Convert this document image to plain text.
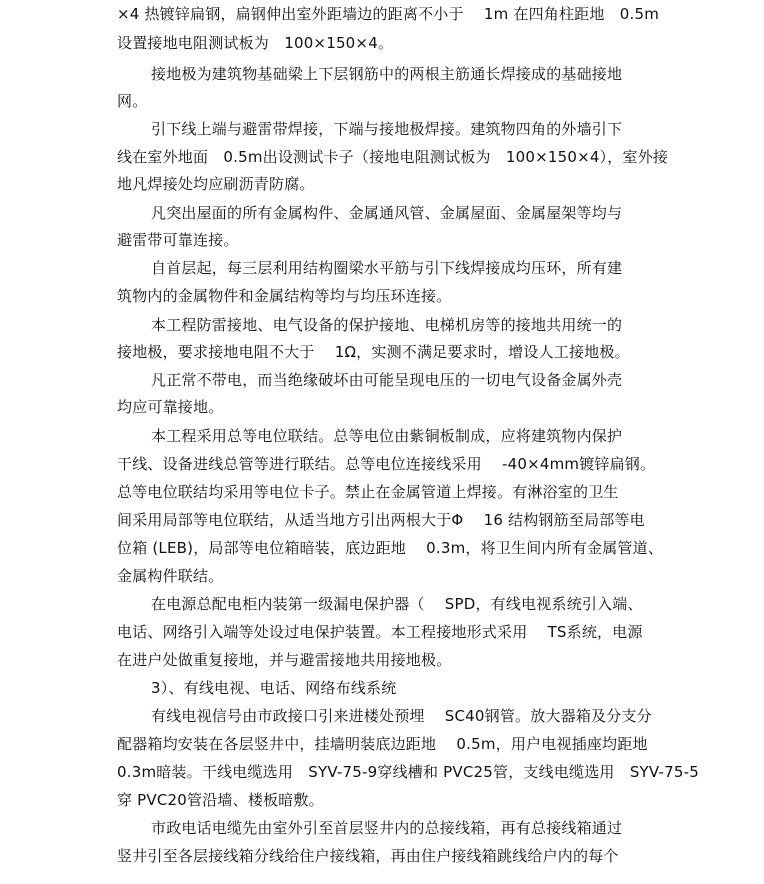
×4 热镀锌扁钢，扁钢伸出室外距墙边的距离不小于　 1m 在四角柱距地　0.5m
设置接地电阻测试板为　100×150×4。
接地极为建筑物基础梁上下层钢筋中的两根主筋通长焊接成的基础接地
网。
引下线上端与避雷带焊接，下端与接地极焊接。建筑物四角的外墙引下
线在室外地面　0.5m出设测试卡子（接地电阻测试板为　100×150×4），室外接
地凡焊接处均应刷沥青防腐。
凡突出屋面的所有金属构件、金属通风管、金属屋面、金属屋架等均与
避雷带可靠连接。
自首层起，每三层利用结构圈梁水平筋与引下线焊接成均压环，所有建
筑物内的金属物件和金属结构等均与均压环连接。
本工程防雷接地、电气设备的保护接地、电梯机房等的接地共用统一的
接地极，要求接地电阻不大于　 1Ω，实测不满足要求时，增设人工接地极。
凡正常不带电，而当绝缘破坏由可能呈现电压的一切电气设备金属外壳
均应可靠接地。
本工程采用总等电位联结。总等电位由紫铜板制成，应将建筑物内保护
干线、设备进线总管等进行联结。总等电位连接线采用　 -40×4mm镀锌扁钢。
总等电位联结均采用等电位卡子。禁止在金属管道上焊接。有淋浴室的卫生
间采用局部等电位联结，从适当地方引出两根大于Φ　 16 结构钢筋至局部等电
位箱 (LEB)，局部等电位箱暗装，底边距地　 0.3m，将卫生间内所有金属管道、
金属构件联结。
在电源总配电柜内装第一级漏电保护器（　 SPD，有线电视系统引入端、
电话、网络引入端等处设过电保护装置。本工程接地形式采用　 TS系统，电源
在进户处做重复接地，并与避雷接地共用接地极。
3）、有线电视、电话、网络布线系统
有线电视信号由市政接口引来进楼处预埋　 SC40钢管。放大器箱及分支分
配器箱均安装在各层竖井中，挂墙明装底边距地　 0.5m，用户电视插座均距地
0.3m暗装。干线电缆选用　SYV-75-9穿线槽和 PVC25管，支线电缆选用　SYV-75-5
穿 PVC20管沿墙、楼板暗敷。
市政电话电缆先由室外引至首层竖井内的总接线箱，再有总接线箱通过
竖井引至各层接线箱分线给住户接线箱，再由住户接线箱跳线给户内的每个
